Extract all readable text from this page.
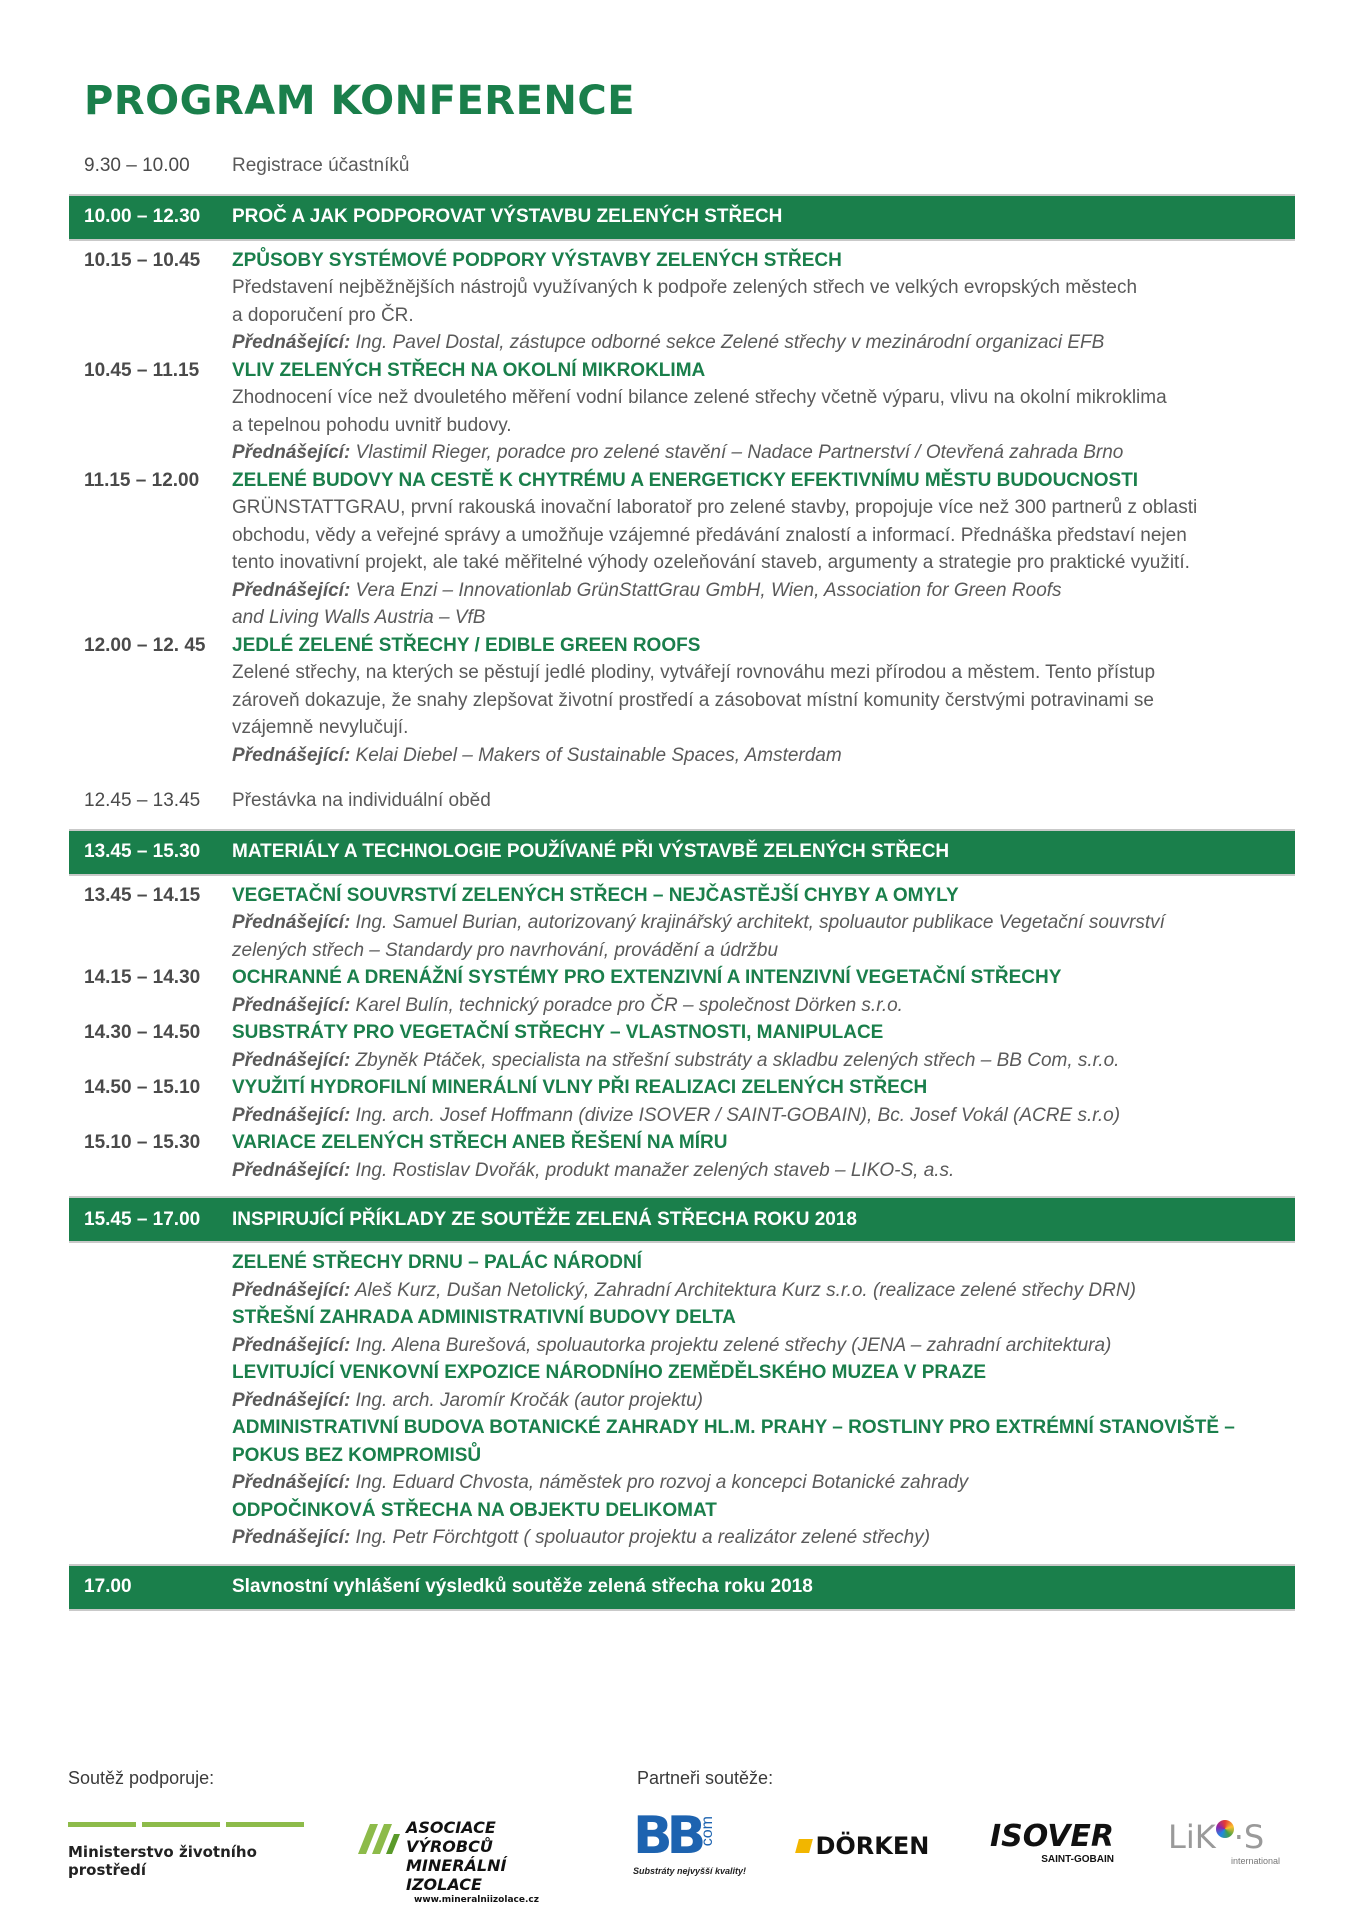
PROGRAM KONFERENCE
9.30 – 10.00	Registrace účastníků
10.00 – 12.30	PROČ A JAK PODPOROVAT VÝSTAVBU ZELENÝCH STŘECH
10.15 – 10.45	ZPŮSOBY SYSTÉMOVÉ PODPORY VÝSTAVBY ZELENÝCH STŘECH
Představení nejběžnějších nástrojů využívaných k podpoře zelených střech ve velkých evropských městech
a doporučení pro ČR.
Přednášející: Ing. Pavel Dostal, zástupce odborné sekce Zelené střechy v mezinárodní organizaci EFB
10.45 – 11.15	VLIV ZELENÝCH STŘECH NA OKOLNÍ MIKROKLIMA
Zhodnocení více než dvouletého měření vodní bilance zelené střechy včetně výparu, vlivu na okolní mikroklima
a tepelnou pohodu uvnitř budovy.
Přednášející: Vlastimil Rieger, poradce pro zelené stavění – Nadace Partnerství / Otevřená zahrada Brno
11.15 – 12.00	ZELENÉ BUDOVY NA CESTĚ K CHYTRÉMU A ENERGETICKY EFEKTIVNÍMU MĚSTU BUDOUCNOSTI
GRÜNSTATTGRAU, první rakouská inovační laboratoř pro zelené stavby, propojuje více než 300 partnerů z oblasti
obchodu, vědy a veřejné správy a umožňuje vzájemné předávání znalostí a informací. Přednáška představí nejen
tento inovativní projekt, ale také měřitelné výhody ozeleňování staveb, argumenty a strategie pro praktické využití.
Přednášející: Vera Enzi – Innovationlab GrünStattGrau GmbH, Wien, Association for Green Roofs
and Living Walls Austria – VfB
12.00 – 12. 45	JEDLÉ ZELENÉ STŘECHY / EDIBLE GREEN ROOFS
Zelené střechy, na kterých se pěstují jedlé plodiny, vytvářejí rovnováhu mezi přírodou a městem. Tento přístup
zároveň dokazuje, že snahy zlepšovat životní prostředí a zásobovat místní komunity čerstvými potravinami se
vzájemně nevylučují.
Přednášející: Kelai Diebel – Makers of Sustainable Spaces, Amsterdam
12.45 – 13.45	Přestávka na individuální oběd
13.45 – 15.30	MATERIÁLY A TECHNOLOGIE POUŽÍVANÉ PŘI VÝSTAVBĚ ZELENÝCH STŘECH
13.45 – 14.15	VEGETAČNÍ SOUVRSTVÍ ZELENÝCH STŘECH – NEJČASTĚJŠÍ CHYBY A OMYLY
Přednášející: Ing. Samuel Burian, autorizovaný krajinářský architekt, spoluautor publikace Vegetační souvrství
zelených střech – Standardy pro navrhování, provádění a údržbu
14.15 – 14.30	OCHRANNÉ A DRENÁŽNÍ SYSTÉMY PRO EXTENZIVNÍ A INTENZIVNÍ VEGETAČNÍ STŘECHY
Přednášející: Karel Bulín, technický poradce pro ČR – společnost Dörken s.r.o.
14.30 – 14.50	SUBSTRÁTY PRO VEGETAČNÍ STŘECHY – VLASTNOSTI, MANIPULACE
Přednášející: Zbyněk Ptáček, specialista na střešní substráty a skladbu zelených střech – BB Com, s.r.o.
14.50 – 15.10	VYUŽITÍ HYDROFILNÍ MINERÁLNÍ VLNY PŘI REALIZACI ZELENÝCH STŘECH
Přednášející: Ing. arch. Josef Hoffmann (divize ISOVER / SAINT-GOBAIN), Bc. Josef Vokál (ACRE s.r.o)
15.10 – 15.30	VARIACE ZELENÝCH STŘECH ANEB ŘEŠENÍ NA MÍRU
Přednášející: Ing. Rostislav Dvořák, produkt manažer zelených staveb – LIKO-S, a.s.
15.45 – 17.00	INSPIRUJÍCÍ PŘÍKLADY ZE SOUTĚŽE ZELENÁ STŘECHA ROKU 2018
ZELENÉ STŘECHY DRNU – PALÁC NÁRODNÍ
Přednášející: Aleš Kurz, Dušan Netolický, Zahradní Architektura Kurz s.r.o. (realizace zelené střechy DRN)
STŘEŠNÍ ZAHRADA ADMINISTRATIVNÍ BUDOVY DELTA
Přednášející: Ing. Alena Burešová, spoluautorka projektu zelené střechy (JENA – zahradní architektura)
LEVITUJÍCÍ VENKOVNÍ EXPOZICE NÁRODNÍHO ZEMĚDĚLSKÉHO MUZEA V PRAZE
Přednášející: Ing. arch. Jaromír Kročák (autor projektu)
ADMINISTRATIVNÍ BUDOVA BOTANICKÉ ZAHRADY HL.M. PRAHY – ROSTLINY PRO EXTRÉMNÍ STANOVIŠTĚ – POKUS BEZ KOMPROMISŮ
Přednášející: Ing. Eduard Chvosta, náměstek pro rozvoj a koncepci Botanické zahrady
ODPOČINKOVÁ STŘECHA NA OBJEKTU DELIKOMAT
Přednášející: Ing. Petr Förchtgott ( spoluautor projektu a realizátor zelené střechy)
17.00	Slavnostní vyhlášení výsledků soutěže zelená střecha roku 2018
Soutěž podporuje:	Partneři soutěže:
Ministerstvo životního prostředí
ASOCIACE VÝROBCŮ
MINERÁLNÍ IZOLACE
www.mineralniizolace.cz
BB
com
Substráty nejvyšší kvality!
DÖRKEN	ISOVER
SAINT-GOBAIN
LiK ·S
international
